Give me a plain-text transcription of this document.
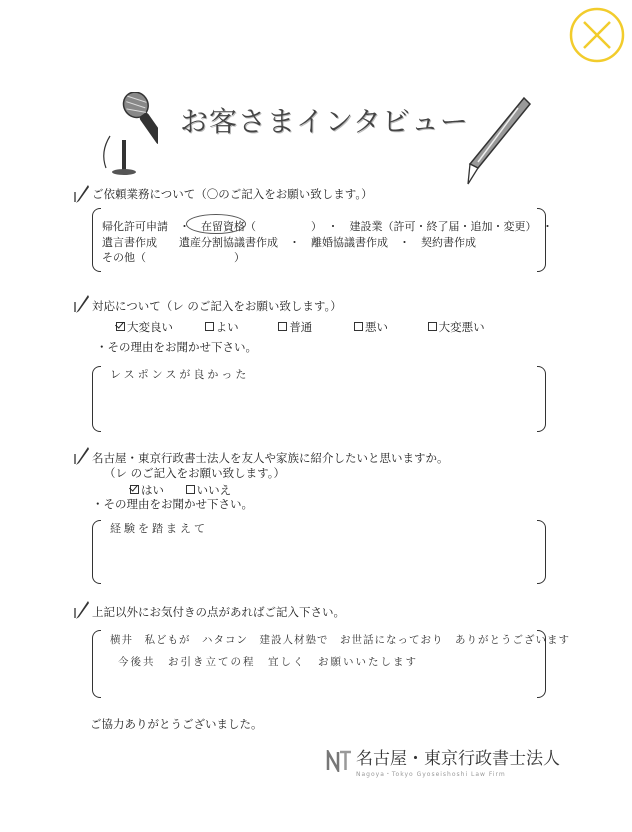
お客さまインタビュー
ご依頼業務について（〇のご記入をお願い致します。）
帰化許可申請　・　在留資格（　　　　　）　・　建設業（許可・終了届・追加・変更）　・
遺言書作成　　遺産分割協議書作成　・　離婚協議書作成　・　契約書作成
その他（　　　　　　　　）
対応について（レ のご記入をお願い致します。）
大変良い	よい	普通	悪い	大変悪い
・その理由をお聞かせ下さい。
レスポンスが良かった
名古屋・東京行政書士法人を友人や家族に紹介したいと思いますか。
（レ のご記入をお願い致します。）
はい	いいえ
・その理由をお聞かせ下さい。
経験を踏まえて
上記以外にお気付きの点があればご記入下さい。
横井　私どもが　ハタコン　建設人材塾で　お世話になっており　ありがとうございます
今後共　お引き立ての程　宜しく　お願いいたします
ご協力ありがとうございました。
名古屋・東京行政書士法人
Nagoya・Tokyo Gyoseishoshi Law Firm
